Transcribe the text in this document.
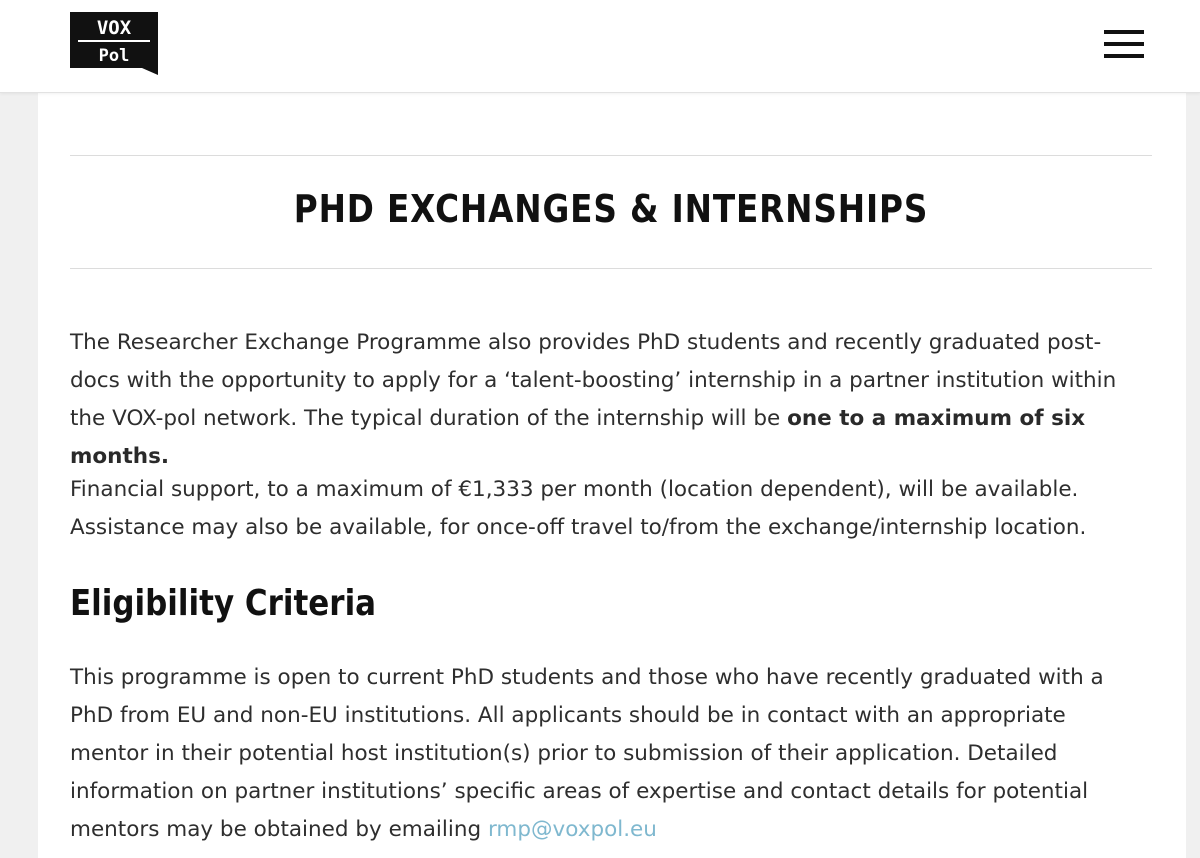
VOX
Pol
PHD EXCHANGES & INTERNSHIPS

The Researcher Exchange Programme also provides PhD students and recently graduated post-docs with the opportunity to apply for a ‘talent-boosting’ internship in a partner institution within the VOX-pol network. The typical duration of the internship will be one to a maximum of six months.

Financial support, to a maximum of €1,333 per month (location dependent), will be available. Assistance may also be available, for once-off travel to/from the exchange/internship location.

Eligibility Criteria

This programme is open to current PhD students and those who have recently graduated with a PhD from EU and non-EU institutions. All applicants should be in contact with an appropriate mentor in their potential host institution(s) prior to submission of their application. Detailed information on partner institutions’ specific areas of expertise and contact details for potential mentors may be obtained by emailing rmp@voxpol.eu
